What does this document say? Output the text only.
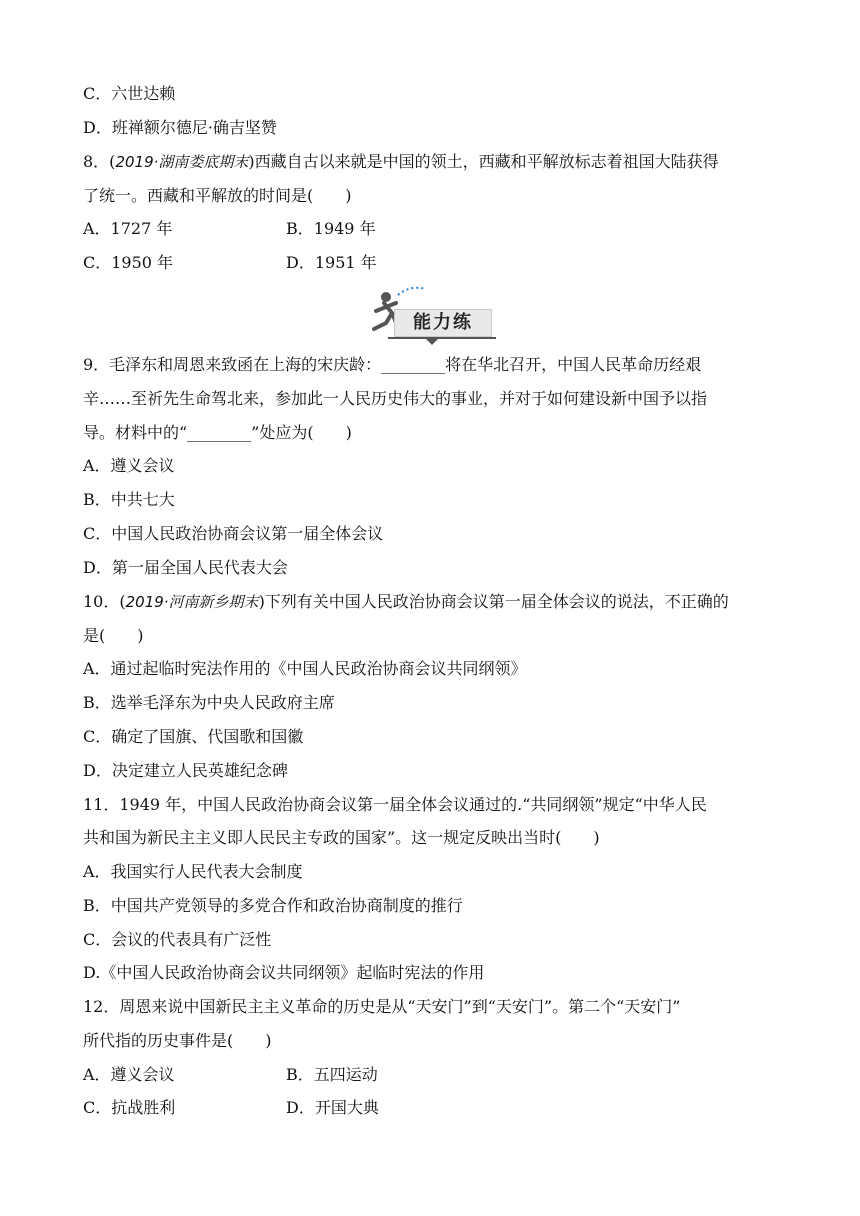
C．六世达赖
D．班禅额尔德尼·确吉坚赞
8．(2019·湖南娄底期末)西藏自古以来就是中国的领土，西藏和平解放标志着祖国大陆获得
了统一。西藏和平解放的时间是(　　)
A．1727 年	B．1949 年
C．1950 年	D．1951 年
能力练
9．毛泽东和周恩来致函在上海的宋庆龄：________将在华北召开，中国人民革命历经艰
辛……至祈先生命驾北来，参加此一人民历史伟大的事业，并对于如何建设新中国予以指
导。材料中的“________”处应为(　　)
A．遵义会议
B．中共七大
C．中国人民政治协商会议第一届全体会议
D．第一届全国人民代表大会
10．(2019·河南新乡期末)下列有关中国人民政治协商会议第一届全体会议的说法，不正确的
是(　　)
A．通过起临时宪法作用的《中国人民政治协商会议共同纲领》
B．选举毛泽东为中央人民政府主席
C．确定了国旗、代国歌和国徽
D．决定建立人民英雄纪念碑
11．1949 年，中国人民政治协商会议第一届全体会议通过的.“共同纲领”规定“中华人民
共和国为新民主主义即人民民主专政的国家”。这一规定反映出当时(　　)
A．我国实行人民代表大会制度
B．中国共产党领导的多党合作和政治协商制度的推行
C．会议的代表具有广泛性
D.《中国人民政治协商会议共同纲领》起临时宪法的作用
12．周恩来说中国新民主主义革命的历史是从“天安门”到“天安门”。第二个“天安门”
所代指的历史事件是(　　)
A．遵义会议	B．五四运动
C．抗战胜利	D．开国大典
